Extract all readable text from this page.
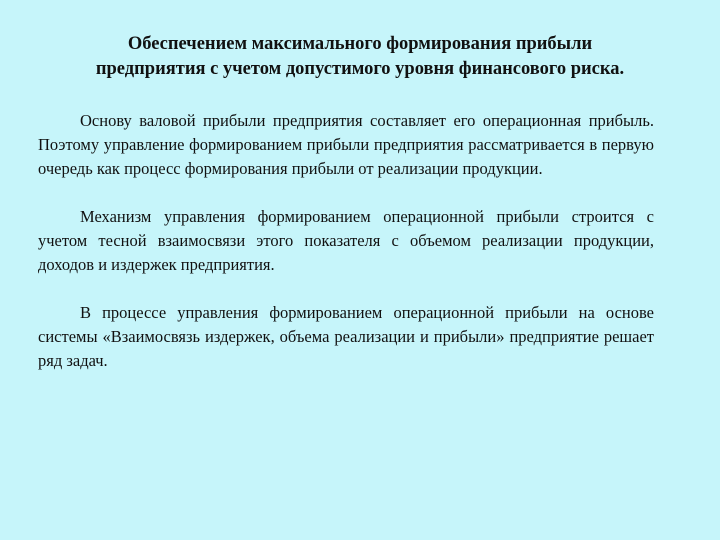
Обеспечением максимального формирования прибыли
предприятия с учетом допустимого уровня финансового риска.

Основу валовой прибыли предприятия составляет его операционная прибыль. Поэтому управление формированием прибыли предприятия рассматривается в первую очередь как процесс формирования прибыли от реализации продукции.

Механизм управления формированием операционной прибыли строится с учетом тесной взаимосвязи этого показателя с объемом реализации продукции, доходов и издержек предприятия.

В процессе управления формированием операционной прибыли на основе системы «Взаимосвязь издержек, объема реализации и прибыли» предприятие решает ряд задач.
